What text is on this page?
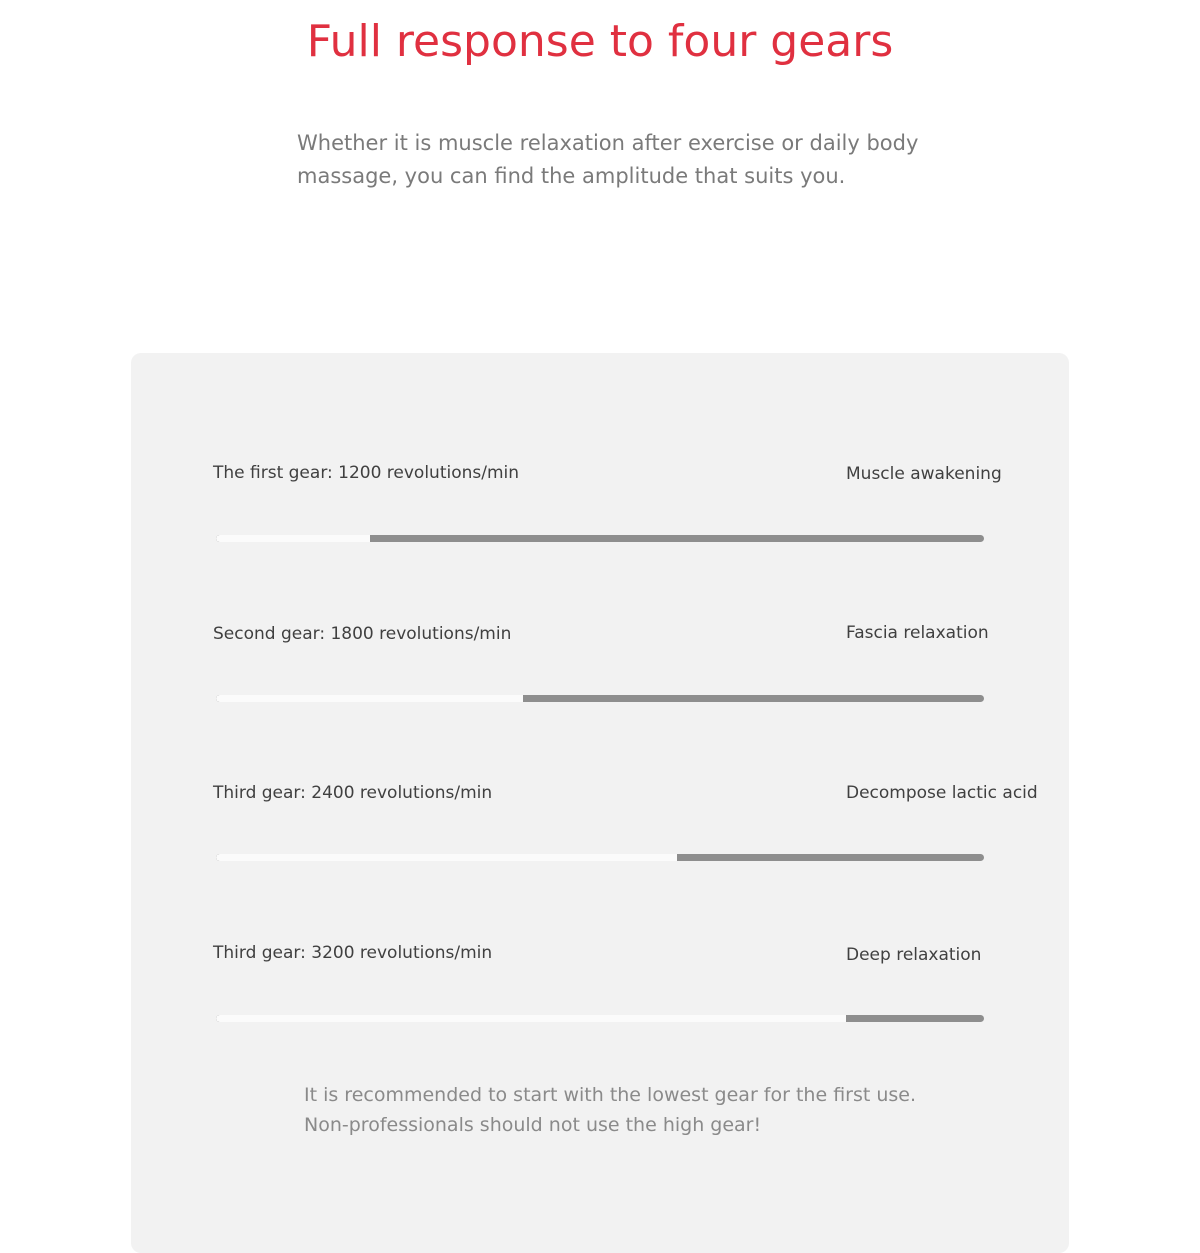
Full response to four gears

Whether it is muscle relaxation after exercise or daily body massage, you can find the amplitude that suits you.

The first gear: 1200 revolutions/min	Muscle awakening
Second gear: 1800 revolutions/min	Fascia relaxation
Third gear: 2400 revolutions/min	Decompose lactic acid
Third gear: 3200 revolutions/min	Deep relaxation

It is recommended to start with the lowest gear for the first use. Non-professionals should not use the high gear!
